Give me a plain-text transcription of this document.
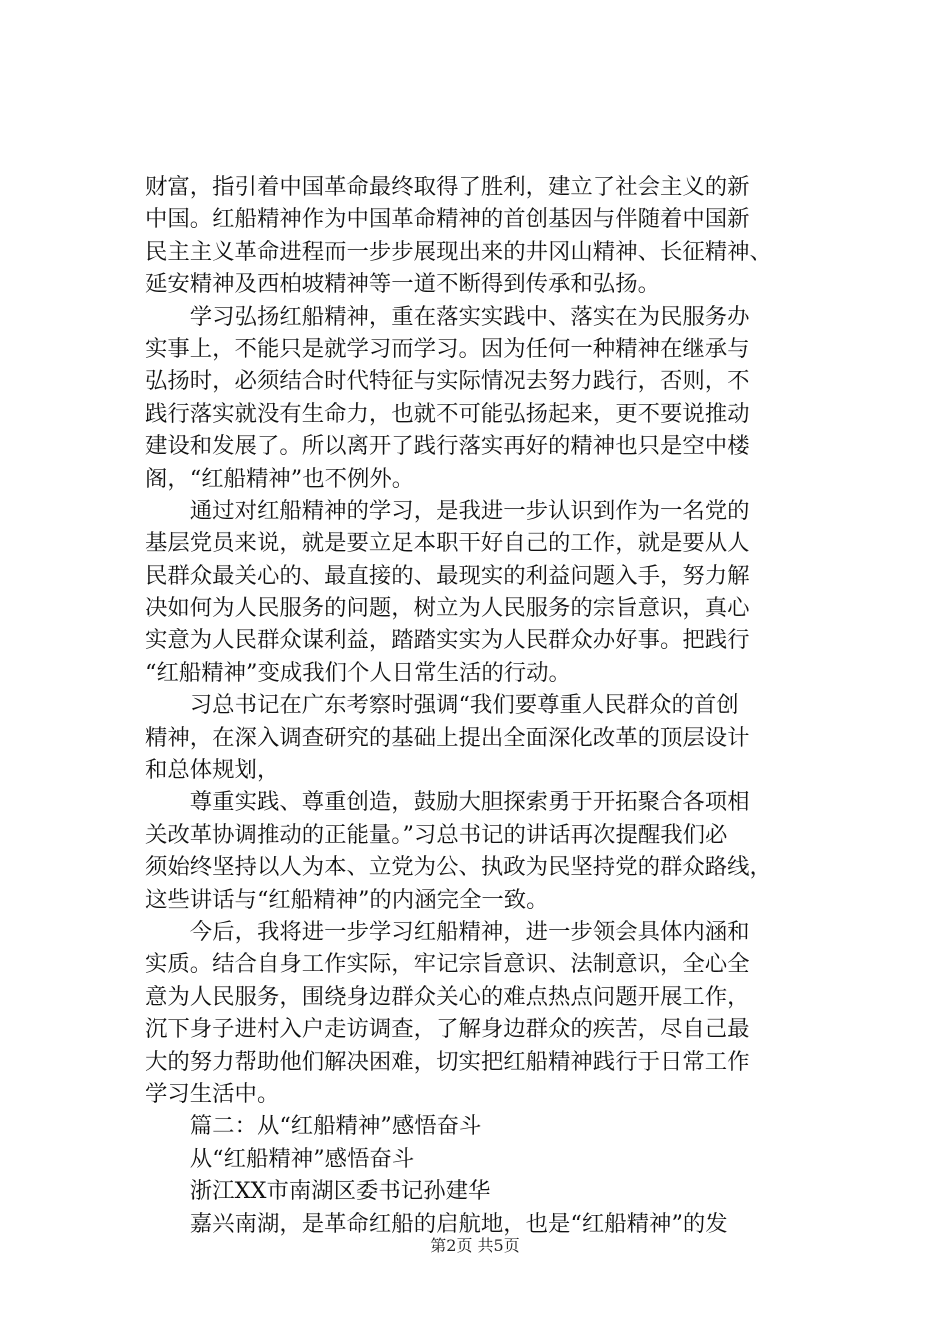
财富，指引着中国革命最终取得了胜利，建立了社会主义的新
中国。红船精神作为中国革命精神的首创基因与伴随着中国新
民主主义革命进程而一步步展现出来的井冈山精神、长征精神、
延安精神及西柏坡精神等一道不断得到传承和弘扬。
学习弘扬红船精神，重在落实实践中、落实在为民服务办
实事上，不能只是就学习而学习。因为任何一种精神在继承与
弘扬时，必须结合时代特征与实际情况去努力践行，否则，不
践行落实就没有生命力，也就不可能弘扬起来，更不要说推动
建设和发展了。所以离开了践行落实再好的精神也只是空中楼
阁，“红船精神”也不例外。
通过对红船精神的学习，是我进一步认识到作为一名党的
基层党员来说，就是要立足本职干好自己的工作，就是要从人
民群众最关心的、最直接的、最现实的利益问题入手，努力解
决如何为人民服务的问题，树立为人民服务的宗旨意识，真心
实意为人民群众谋利益，踏踏实实为人民群众办好事。把践行
“红船精神”变成我们个人日常生活的行动。
习总书记在广东考察时强调“我们要尊重人民群众的首创
精神，在深入调查研究的基础上提出全面深化改革的顶层设计
和总体规划，
尊重实践、尊重创造，鼓励大胆探索勇于开拓聚合各项相
关改革协调推动的正能量。”习总书记的讲话再次提醒我们必
须始终坚持以人为本、立党为公、执政为民坚持党的群众路线，
这些讲话与“红船精神”的内涵完全一致。
今后，我将进一步学习红船精神，进一步领会具体内涵和
实质。结合自身工作实际，牢记宗旨意识、法制意识，全心全
意为人民服务，围绕身边群众关心的难点热点问题开展工作，
沉下身子进村入户走访调查，了解身边群众的疾苦，尽自己最
大的努力帮助他们解决困难，切实把红船精神践行于日常工作
学习生活中。
篇二：从“红船精神”感悟奋斗
从“红船精神”感悟奋斗
浙江XX市南湖区委书记孙建华
嘉兴南湖，是革命红船的启航地，也是“红船精神”的发
第2页 共5页
